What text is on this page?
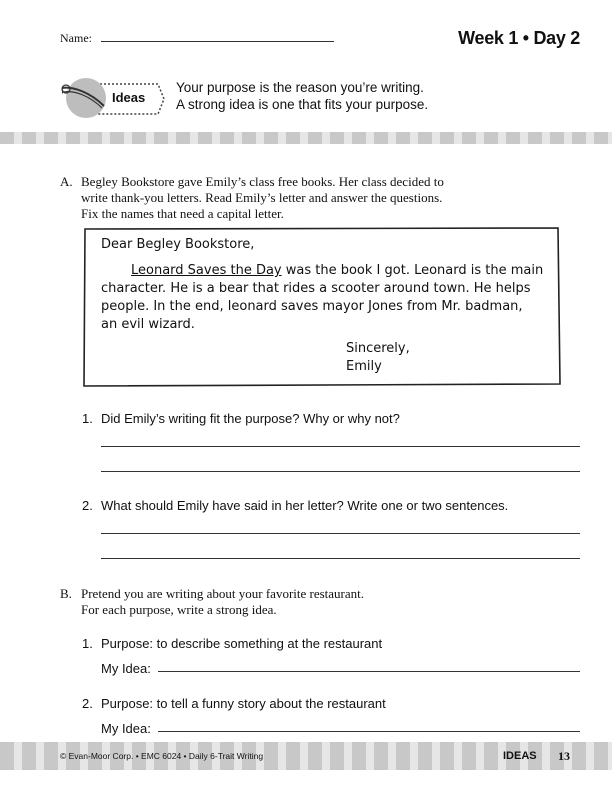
Name:	Week 1 • Day 2
Ideas
Your purpose is the reason you’re writing.
A strong idea is one that fits your purpose.
A. Begley Bookstore gave Emily’s class free books. Her class decided to
write thank-you letters. Read Emily’s letter and answer the questions.
Fix the names that need a capital letter.
Dear Begley Bookstore,
Leonard Saves the Day was the book I got. Leonard is the main
character. He is a bear that rides a scooter around town. He helps
people. In the end, leonard saves mayor Jones from Mr. badman,
an evil wizard.
Sincerely,
Emily
1. Did Emily’s writing fit the purpose? Why or why not?
2. What should Emily have said in her letter? Write one or two sentences.
B. Pretend you are writing about your favorite restaurant.
For each purpose, write a strong idea.
1. Purpose: to describe something at the restaurant
My Idea:
2. Purpose: to tell a funny story about the restaurant
My Idea:
© Evan-Moor Corp. • EMC 6024 • Daily 6-Trait Writing	IDEAS 13
